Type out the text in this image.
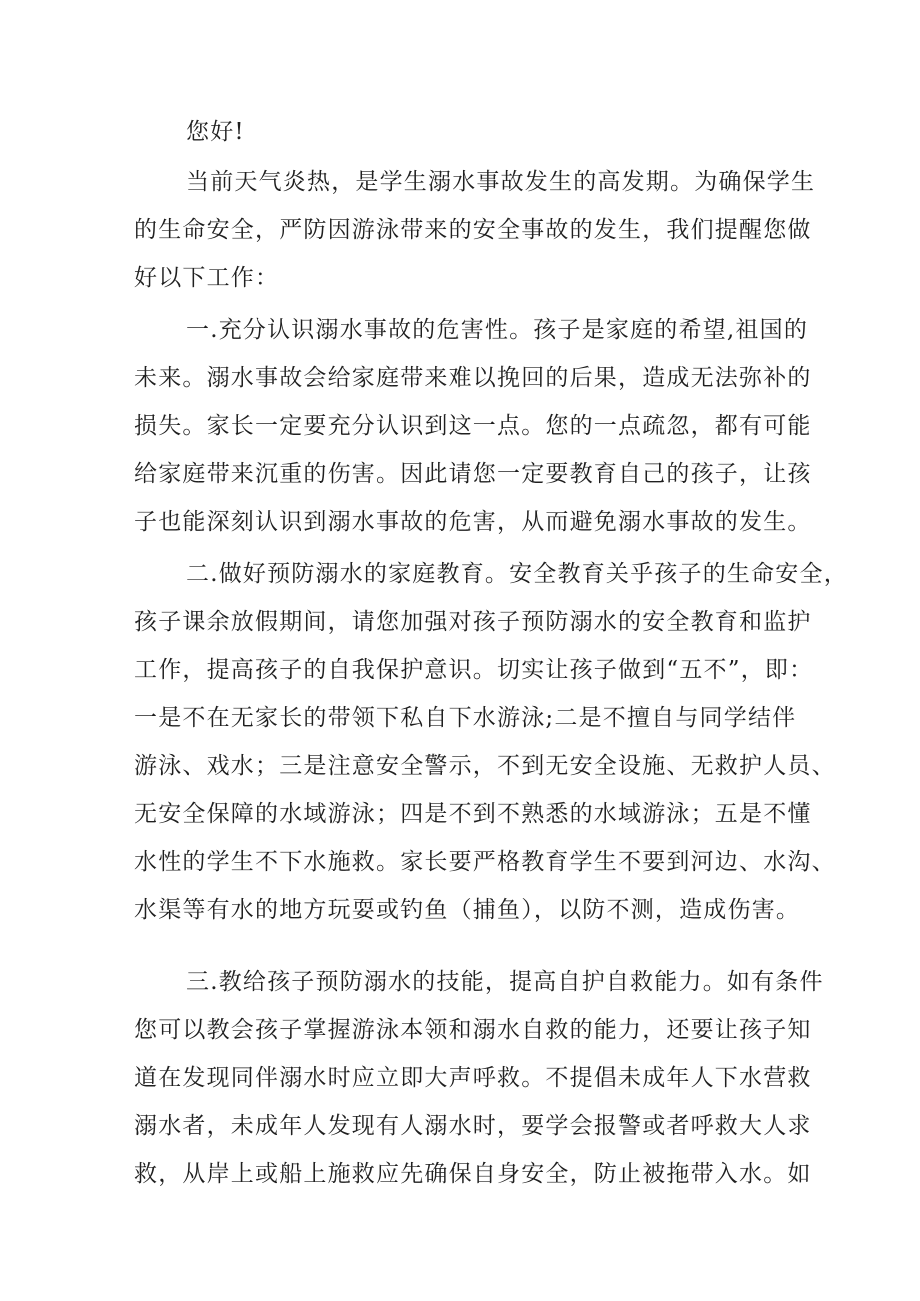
您好!
当前天气炎热，是学生溺水事故发生的高发期。为确保学生
的生命安全，严防因游泳带来的安全事故的发生，我们提醒您做
好以下工作：
一.充分认识溺水事故的危害性。孩子是家庭的希望,祖国的
未来。溺水事故会给家庭带来难以挽回的后果，造成无法弥补的
损失。家长一定要充分认识到这一点。您的一点疏忽，都有可能
给家庭带来沉重的伤害。因此请您一定要教育自己的孩子，让孩
子也能深刻认识到溺水事故的危害，从而避免溺水事故的发生。
二.做好预防溺水的家庭教育。安全教育关乎孩子的生命安全，
孩子课余放假期间，请您加强对孩子预防溺水的安全教育和监护
工作，提高孩子的自我保护意识。切实让孩子做到“五不”，即：
一是不在无家长的带领下私自下水游泳;二是不擅自与同学结伴
游泳、戏水；三是注意安全警示，不到无安全设施、无救护人员、
无安全保障的水域游泳；四是不到不熟悉的水域游泳；五是不懂
水性的学生不下水施救。家长要严格教育学生不要到河边、水沟、
水渠等有水的地方玩耍或钓鱼（捕鱼），以防不测，造成伤害。
三.教给孩子预防溺水的技能，提高自护自救能力。如有条件
您可以教会孩子掌握游泳本领和溺水自救的能力，还要让孩子知
道在发现同伴溺水时应立即大声呼救。不提倡未成年人下水营救
溺水者，未成年人发现有人溺水时，要学会报警或者呼救大人求
救，从岸上或船上施救应先确保自身安全，防止被拖带入水。如
